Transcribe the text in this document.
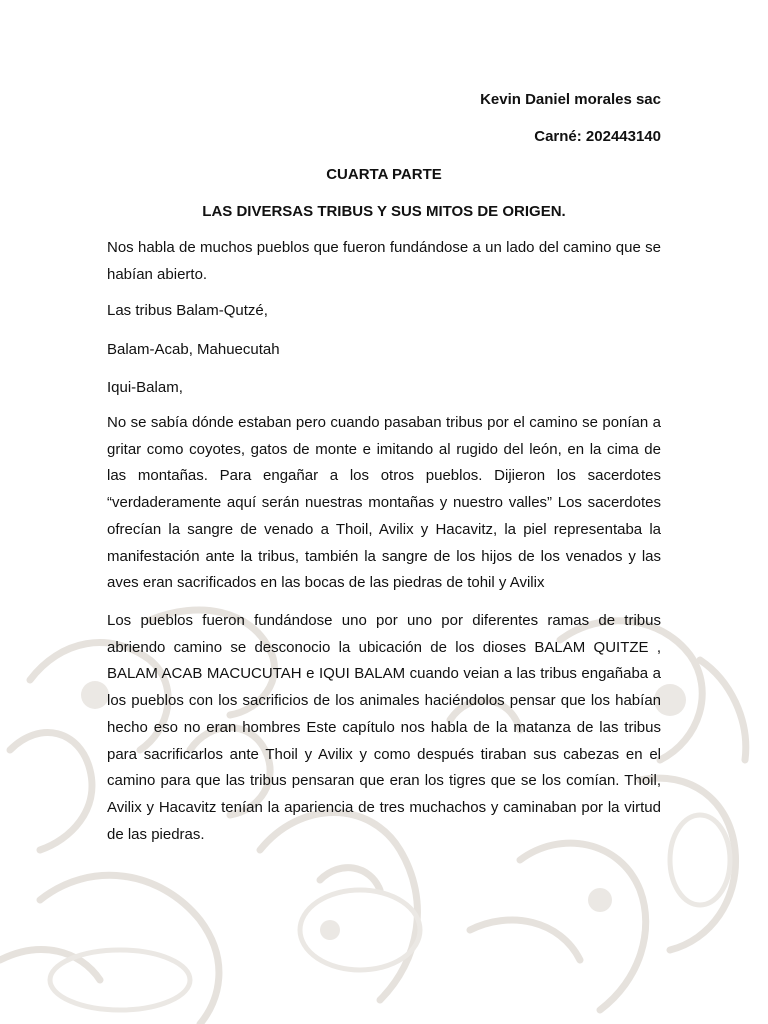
Kevin Daniel morales sac
Carné: 202443140
CUARTA PARTE
LAS DIVERSAS TRIBUS Y SUS MITOS DE ORIGEN.

Nos habla de muchos pueblos que fueron fundándose a un lado del camino que se habían abierto.

Las tribus Balam-Qutzé,

Balam-Acab, Mahuecutah

Iqui-Balam,

No se sabía dónde estaban pero cuando pasaban tribus por el camino se ponían a gritar como coyotes, gatos de monte e imitando al rugido del león, en la cima de las montañas. Para engañar a los otros pueblos. Dijieron los sacerdotes “verdaderamente aquí serán nuestras montañas y nuestro valles” Los sacerdotes ofrecían la sangre de venado a Thoil, Avilix y Hacavitz, la piel representaba la manifestación ante la tribus, también la sangre de los hijos de los venados y las aves eran sacrificados en las bocas de las piedras de tohil y Avilix

Los pueblos fueron fundándose uno por uno por diferentes ramas de tribus abriendo camino se desconocio la ubicación de los dioses BALAM QUITZE , BALAM ACAB MACUCUTAH e IQUI BALAM cuando veian a las tribus engañaba a los pueblos con los sacrificios de los animales haciéndolos pensar que los habían hecho eso no eran hombres Este capítulo nos habla de la matanza de las tribus para sacrificarlos ante Thoil y Avilix y como después tiraban sus cabezas en el camino para que las tribus pensaran que eran los tigres que se los comían. Thoil, Avilix y Hacavitz tenían la apariencia de tres muchachos y caminaban por la virtud de las piedras.
